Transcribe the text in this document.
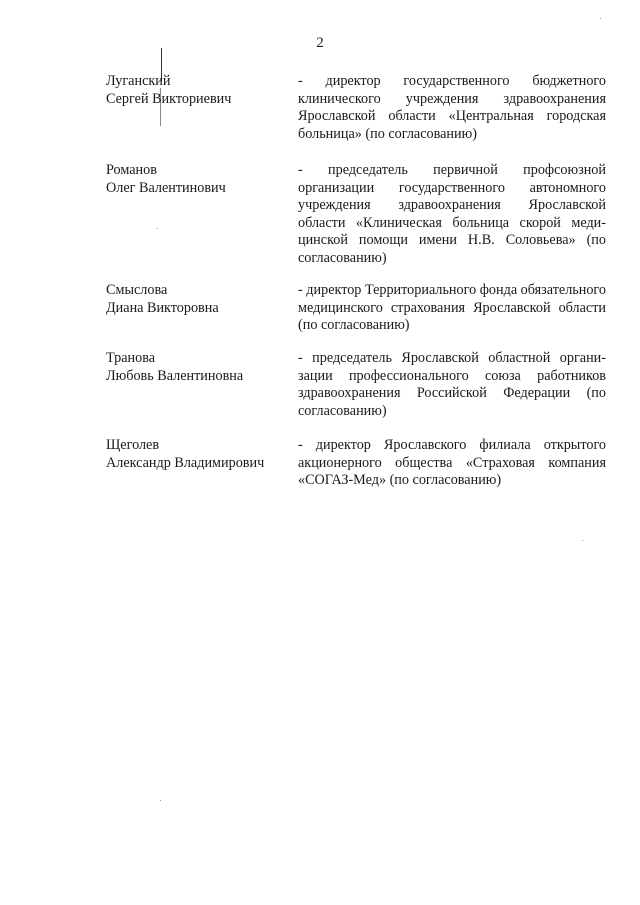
2
Луганский
Сергей Викториевич
- директор государственного бюджетного клинического учреждения здравоохранения Ярославской области «Центральная городская больница» (по согласованию)
Романов
Олег Валентинович
- председатель первичной профсоюзной организации государственного автономного учреждения здравоохранения Ярославской области «Клиническая больница скорой медицинской помощи имени Н.В. Соловьева» (по согласованию)
Смыслова
Диана Викторовна
- директор Территориального фонда обязательного медицинского страхования Ярославской области (по согласованию)
Транова
Любовь Валентиновна
- председатель Ярославской областной организации профессионального союза работников здравоохранения Российской Федерации (по согласованию)
Щеголев
Александр Владимирович
- директор Ярославского филиала открытого акционерного общества «Страховая компания «СОГАЗ-Мед» (по согласованию)
